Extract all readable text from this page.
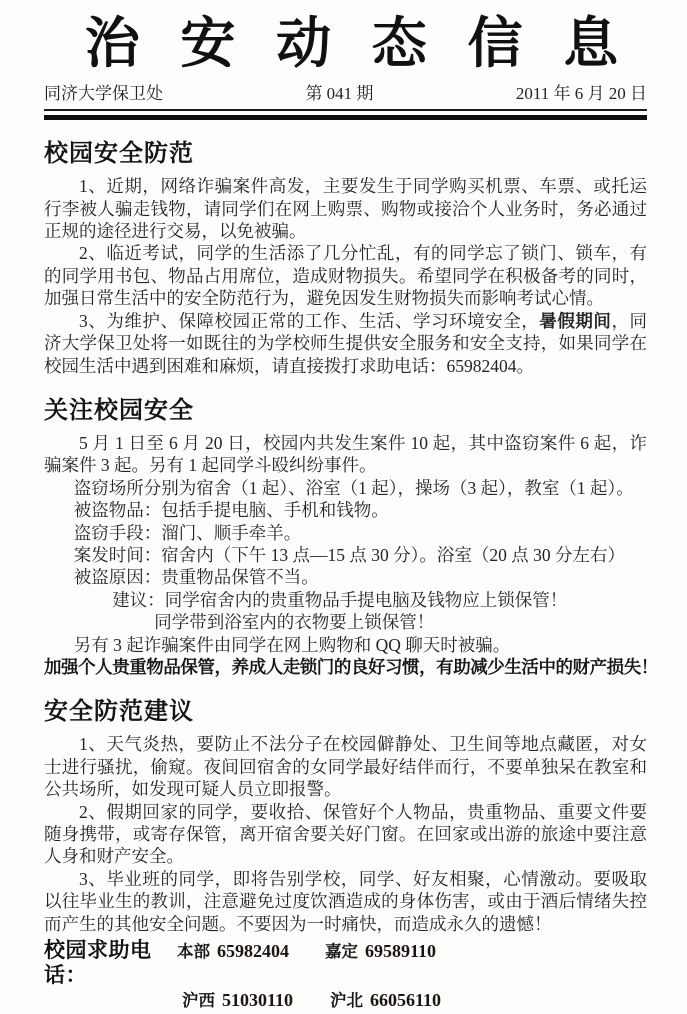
治安动态信息
同济大学保卫处	第 041 期	2011 年 6 月 20 日
校园安全防范

1、近期，网络诈骗案件高发，主要发生于同学购买机票、车票、或托运行李被人骗走钱物，请同学们在网上购票、购物或接洽个人业务时，务必通过正规的途径进行交易，以免被骗。

2、临近考试，同学的生活添了几分忙乱，有的同学忘了锁门、锁车，有的同学用书包、物品占用席位，造成财物损失。希望同学在积极备考的同时，加强日常生活中的安全防范行为，避免因发生财物损失而影响考试心情。

3、为维护、保障校园正常的工作、生活、学习环境安全，暑假期间，同济大学保卫处将一如既往的为学校师生提供安全服务和安全支持，如果同学在校园生活中遇到困难和麻烦，请直接拨打求助电话：65982404。

关注校园安全

5 月 1 日至 6 月 20 日，校园内共发生案件 10 起，其中盗窃案件 6 起，诈骗案件 3 起。另有 1 起同学斗殴纠纷事件。

盗窃场所分别为宿舍（1 起）、浴室（1 起），操场（3 起），教室（1 起）。

被盗物品：包括手提电脑、手机和钱物。

盗窃手段：溜门、顺手牵羊。

案发时间：宿舍内（下午 13 点—15 点 30 分）。浴室（20 点 30 分左右）

被盗原因：贵重物品保管不当。

建议：同学宿舍内的贵重物品手提电脑及钱物应上锁保管！

同学带到浴室内的衣物要上锁保管！

另有 3 起诈骗案件由同学在网上购物和 QQ 聊天时被骗。

加强个人贵重物品保管，养成人走锁门的良好习惯，有助减少生活中的财产损失！

安全防范建议

1、天气炎热，要防止不法分子在校园僻静处、卫生间等地点藏匿，对女士进行骚扰，偷窥。夜间回宿舍的女同学最好结伴而行，不要单独呆在教室和公共场所，如发现可疑人员立即报警。

2、假期回家的同学，要收拾、保管好个人物品，贵重物品、重要文件要随身携带，或寄存保管，离开宿舍要关好门窗。在回家或出游的旅途中要注意人身和财产安全。

3、毕业班的同学，即将告别学校，同学、好友相聚，心情激动。要吸取以往毕业生的教训，注意避免过度饮酒造成的身体伤害，或由于酒后情绪失控而产生的其他安全问题。不要因为一时痛快，而造成永久的遗憾！

校园求助电话：
本部 65982404	嘉定 69589110
沪西 51030110	沪北 66056110
